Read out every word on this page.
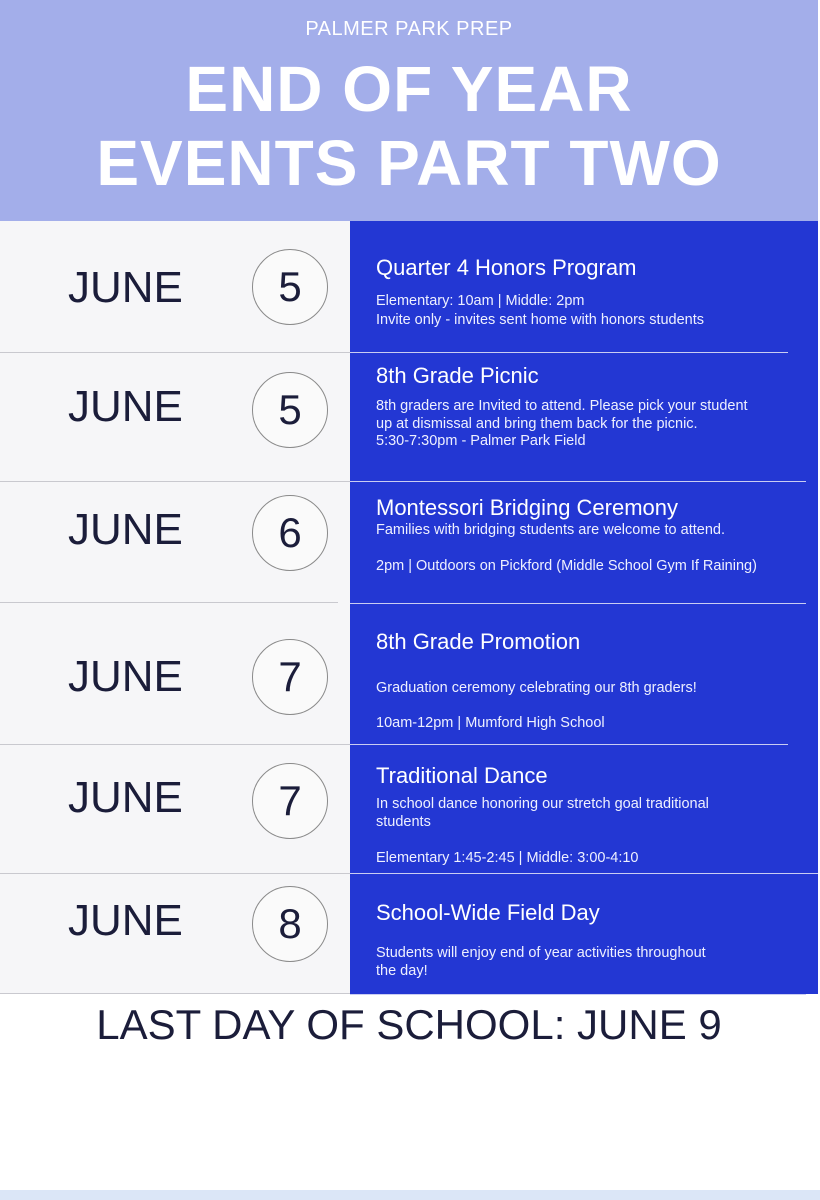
PALMER PARK PREP
END OF YEAR
EVENTS PART TWO
JUNE	5	Quarter 4 Honors Program
Elementary: 10am | Middle: 2pm
Invite only - invites sent home with honors students
JUNE	5
8th Grade Picnic
8th graders are Invited to attend. Please pick your student
up at dismissal and bring them back for the picnic.
5:30-7:30pm - Palmer Park Field
JUNE	6
Montessori Bridging Ceremony
Families with bridging students are welcome to attend.
2pm | Outdoors on Pickford (Middle School Gym If Raining)
JUNE	7
8th Grade Promotion
Graduation ceremony celebrating our 8th graders!
10am-12pm | Mumford High School
JUNE	7
Traditional Dance
In school dance honoring our stretch goal traditional
students
Elementary 1:45-2:45 | Middle: 3:00-4:10
JUNE	8	School-Wide Field Day
Students will enjoy end of year activities throughout
the day!
LAST DAY OF SCHOOL: JUNE 9
